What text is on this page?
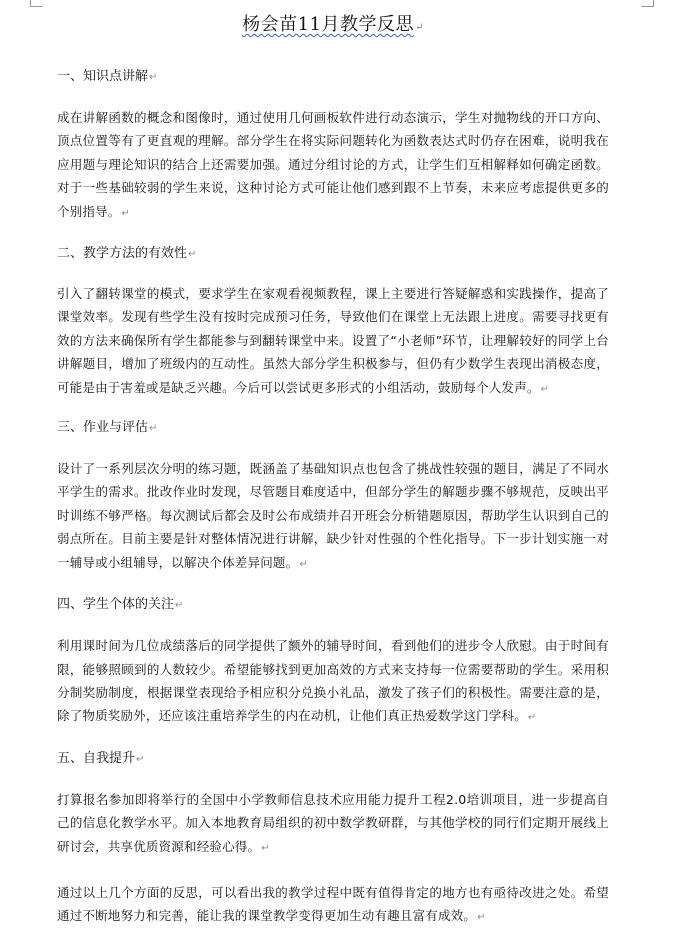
杨会苗11月教学反思↵

一、知识点讲解↵

成在讲解函数的概念和图像时，通过使用几何画板软件进行动态演示，学生对抛物线的开口方向、顶点位置等有了更直观的理解。部分学生在将实际问题转化为函数表达式时仍存在困难，说明我在应用题与理论知识的结合上还需要加强。通过分组讨论的方式，让学生们互相解释如何确定函数。对于一些基础较弱的学生来说，这种讨论方式可能让他们感到跟不上节奏，未来应考虑提供更多的个别指导。↵

二、教学方法的有效性↵

引入了翻转课堂的模式，要求学生在家观看视频教程，课上主要进行答疑解惑和实践操作，提高了课堂效率。发现有些学生没有按时完成预习任务，导致他们在课堂上无法跟上进度。需要寻找更有效的方法来确保所有学生都能参与到翻转课堂中来。设置了“小老师”环节，让理解较好的同学上台讲解题目，增加了班级内的互动性。虽然大部分学生积极参与，但仍有少数学生表现出消极态度，可能是由于害羞或是缺乏兴趣。今后可以尝试更多形式的小组活动，鼓励每个人发声。↵

三、作业与评估↵

设计了一系列层次分明的练习题，既涵盖了基础知识点也包含了挑战性较强的题目，满足了不同水平学生的需求。批改作业时发现，尽管题目难度适中，但部分学生的解题步骤不够规范，反映出平时训练不够严格。每次测试后都会及时公布成绩并召开班会分析错题原因，帮助学生认识到自己的弱点所在。目前主要是针对整体情况进行讲解，缺少针对性强的个性化指导。下一步计划实施一对一辅导或小组辅导，以解决个体差异问题。↵

四、学生个体的关注↵

利用课时间为几位成绩落后的同学提供了额外的辅导时间，看到他们的进步令人欣慰。由于时间有限，能够照顾到的人数较少。希望能够找到更加高效的方式来支持每一位需要帮助的学生。采用积分制奖励制度，根据课堂表现给予相应积分兑换小礼品，激发了孩子们的积极性。需要注意的是，除了物质奖励外，还应该注重培养学生的内在动机，让他们真正热爱数学这门学科。↵

五、自我提升↵

打算报名参加即将举行的全国中小学教师信息技术应用能力提升工程2.0培训项目，进一步提高自己的信息化教学水平。加入本地教育局组织的初中数学教研群，与其他学校的同行们定期开展线上研讨会，共享优质资源和经验心得。↵

通过以上几个方面的反思，可以看出我的教学过程中既有值得肯定的地方也有亟待改进之处。希望通过不断地努力和完善，能让我的课堂教学变得更加生动有趣且富有成效。↵
